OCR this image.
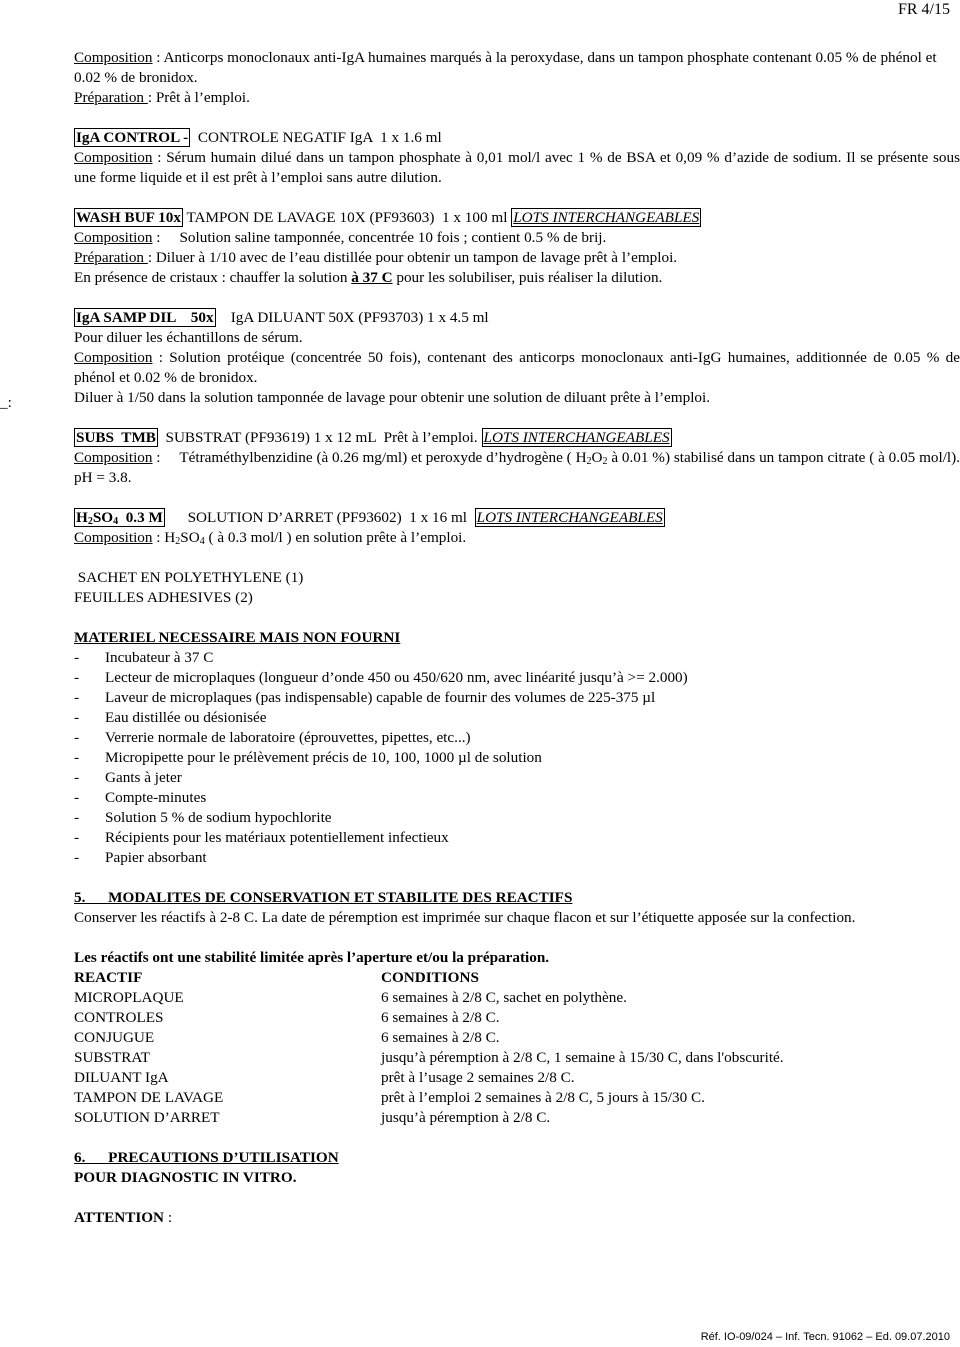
FR 4/15
_:

Composition : Anticorps monoclonaux anti-IgA humaines marqués à la peroxydase, dans un tampon phosphate contenant 0.05 % de phénol et 0.02 % de bronidox.

Préparation : Prêt à l’emploi.

IgA CONTROL -  CONTROLE NEGATIF IgA  1 x 1.6 ml

Composition : Sérum humain dilué dans un tampon phosphate à 0,01 mol/l avec 1 % de BSA et 0,09 % d’azide de sodium. Il se présente sous une forme liquide et il est prêt à l’emploi sans autre dilution.

WASH BUF 10x TAMPON DE LAVAGE 10X (PF93603)  1 x 100 ml LOTS INTERCHANGEABLES

Composition :     Solution saline tamponnée, concentrée 10 fois ; contient 0.5 % de brij.

Préparation : Diluer à 1/10 avec de l’eau distillée pour obtenir un tampon de lavage prêt à l’emploi.

En présence de cristaux : chauffer la solution à 37 C pour les solubiliser, puis réaliser la dilution.

IgA SAMP DIL    50x    IgA DILUANT 50X (PF93703) 1 x 4.5 ml

Pour diluer les échantillons de sérum.

Composition : Solution protéique (concentrée 50 fois), contenant des anticorps monoclonaux anti-IgG humaines, additionnée de 0.05 % de phénol et 0.02 % de bronidox.

Diluer à 1/50 dans la solution tamponnée de lavage pour obtenir une solution de diluant prête à l’emploi.

SUBS  TMB  SUBSTRAT (PF93619) 1 x 12 mL  Prêt à l’emploi. LOTS INTERCHANGEABLES

Composition :     Tétraméthylbenzidine (à 0.26 mg/ml) et peroxyde d’hydrogène ( $H_2O_2$ à 0.01 %) stabilisé dans un tampon citrate ( à 0.05 mol/l). pH = 3.8.

$H_2SO_4$  0.3 M      SOLUTION D’ARRET (PF93602)  1 x 16 ml  LOTS INTERCHANGEABLES

Composition : $H_2SO_4$ ( à 0.3 mol/l ) en solution prête à l’emploi.

SACHET EN POLYETHYLENE (1)

FEUILLES ADHESIVES (2)

MATERIEL NECESSAIRE MAIS NON FOURNI

-	Incubateur à 37 C
-	Lecteur de microplaques (longueur d’onde 450 ou 450/620 nm, avec linéarité jusqu’à >= 2.000)
-	Laveur de microplaques (pas indispensable) capable de fournir des volumes de 225-375 µl
-	Eau distillée ou désionisée
-	Verrerie normale de laboratoire (éprouvettes, pipettes, etc...)
-	Micropipette pour le prélèvement précis de 10, 100, 1000 µl de solution
-	Gants à jeter
-	Compte-minutes
-	Solution 5 % de sodium hypochlorite
-	Récipients pour les matériaux potentiellement infectieux
-	Papier absorbant

5.      MODALITES DE CONSERVATION ET STABILITE DES REACTIFS

Conserver les réactifs à 2-8 C. La date de péremption est imprimée sur chaque flacon et sur l’étiquette apposée sur la confection.

Les réactifs ont une stabilité limitée après l’aperture et/ou la préparation.

REACTIF	CONDITIONS
MICROPLAQUE	6 semaines à 2/8 C, sachet en polythène.
CONTROLES	6 semaines à 2/8 C.
CONJUGUE	6 semaines à 2/8 C.
SUBSTRAT	jusqu’à péremption à 2/8 C, 1 semaine à 15/30 C, dans l'obscurité.
DILUANT IgA	prêt à l’usage 2 semaines 2/8 C.
TAMPON DE LAVAGE	prêt à l’emploi 2 semaines à 2/8 C, 5 jours à 15/30 C.
SOLUTION D’ARRET	jusqu’à péremption à 2/8 C.

6.      PRECAUTIONS D’UTILISATION

POUR DIAGNOSTIC IN VITRO.

ATTENTION :

Réf. IO-09/024 – Inf. Tecn. 91062 – Ed. 09.07.2010
